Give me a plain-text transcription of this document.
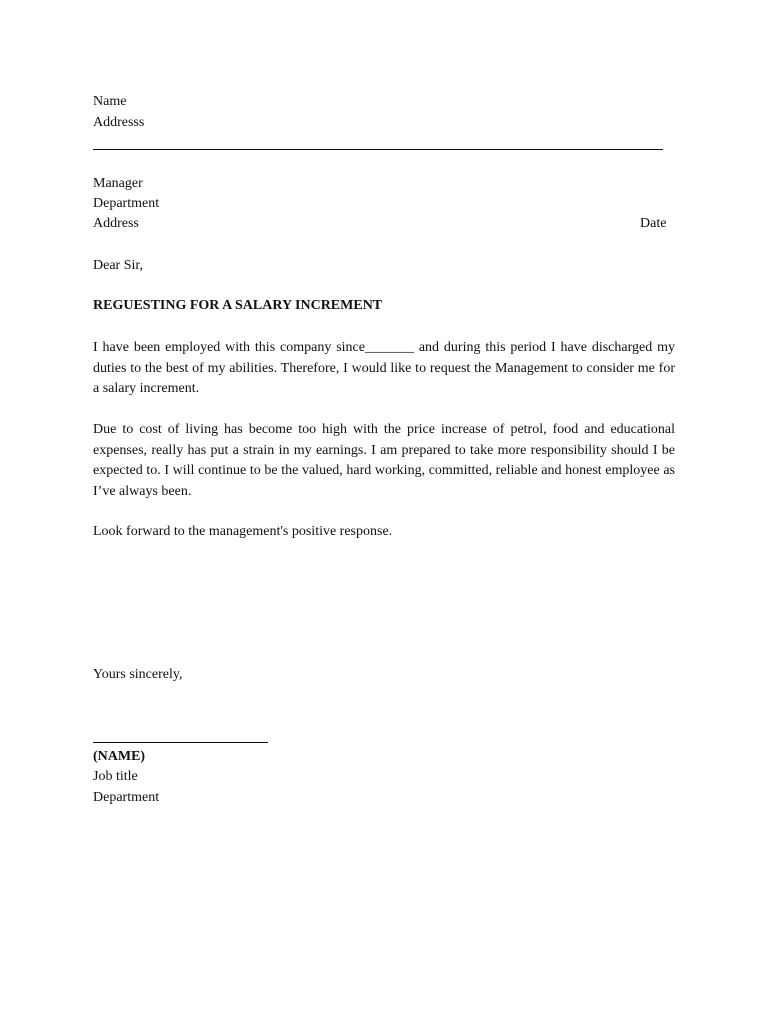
Name
Addresss
Manager
Department
Address	Date
Dear Sir,
REGUESTING FOR A SALARY INCREMENT
I have been employed with this company since_______ and during this period I have discharged my duties to the best of my abilities. Therefore, I would like to request the Management to consider me for a salary increment.
Due to cost of living has become too high with the price increase of petrol, food and educational expenses, really has put a strain in my earnings. I am prepared to take more responsibility should I be expected to. I will continue to be the valued, hard working, committed, reliable and honest employee as I’ve always been.
Look forward to the management's positive response.
Yours sincerely,
(NAME)
Job title
Department
